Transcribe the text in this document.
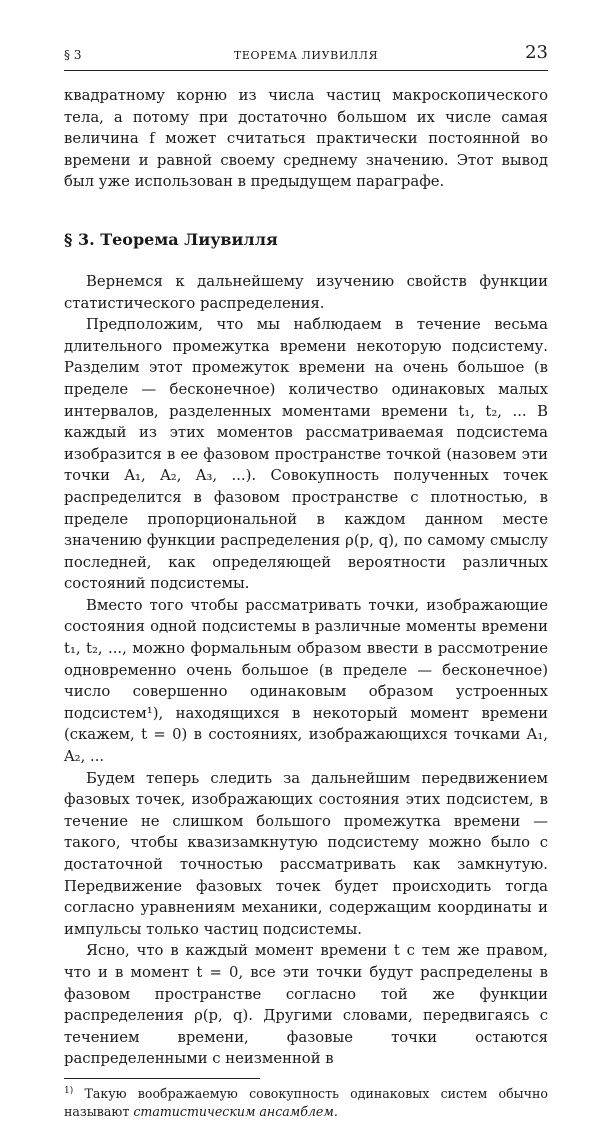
§ 3	ТЕОРЕМА ЛИУВИЛЛЯ	23

квадратному корню из числа частиц макроскопического тела, а потому при достаточно большом их числе самая величина f может считаться практически постоянной во времени и равной своему среднему значению. Этот вывод был уже использован в предыдущем параграфе.

§ 3. Теорема Лиувилля

Вернемся к дальнейшему изучению свойств функции статистического распределения.

Предположим, что мы наблюдаем в течение весьма длительного промежутка времени некоторую подсистему. Разделим этот промежуток времени на очень большое (в пределе — бесконечное) количество одинаковых малых интервалов, разделенных моментами времени t₁, t₂, ... В каждый из этих моментов рассматриваемая подсистема изобразится в ее фазовом пространстве точкой (назовем эти точки A₁, A₂, A₃, ...). Совокупность полученных точек распределится в фазовом пространстве с плотностью, в пределе пропорциональной в каждом данном месте значению функции распределения ρ(p, q), по самому смыслу последней, как определяющей вероятности различных состояний подсистемы.

Вместо того чтобы рассматривать точки, изображающие состояния одной подсистемы в различные моменты времени t₁, t₂, ..., можно формальным образом ввести в рассмотрение одновременно очень большое (в пределе — бесконечное) число совершенно одинаковым образом устроенных подсистем¹), находящихся в некоторый момент времени (скажем, t = 0) в состояниях, изображающихся точками A₁, A₂, ...

Будем теперь следить за дальнейшим передвижением фазовых точек, изображающих состояния этих подсистем, в течение не слишком большого промежутка времени — такого, чтобы квазизамкнутую подсистему можно было с достаточной точностью рассматривать как замкнутую. Передвижение фазовых точек будет происходить тогда согласно уравнениям механики, содержащим координаты и импульсы только частиц подсистемы.

Ясно, что в каждый момент времени t с тем же правом, что и в момент t = 0, все эти точки будут распределены в фазовом пространстве согласно той же функции распределения ρ(p, q). Другими словами, передвигаясь с течением времени, фазовые точки остаются распределенными с неизменной в

$^{1)}$ Такую воображаемую совокупность одинаковых систем обычно называют статистическим ансамблем.
